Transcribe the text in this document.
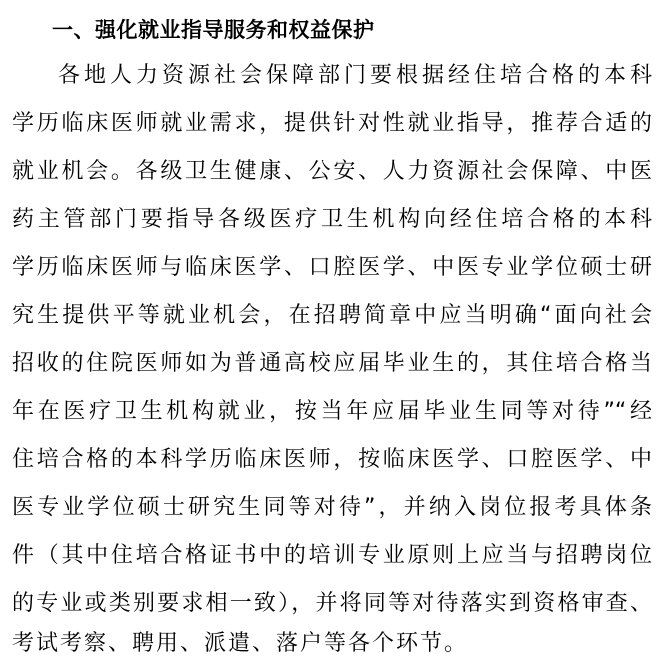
一、强化就业指导服务和权益保护
各地人力资源社会保障部门要根据经住培合格的本科
学历临床医师就业需求，提供针对性就业指导，推荐合适的
就业机会。各级卫生健康、公安、人力资源社会保障、中医
药主管部门要指导各级医疗卫生机构向经住培合格的本科
学历临床医师与临床医学、口腔医学、中医专业学位硕士研
究生提供平等就业机会，在招聘简章中应当明确“面向社会
招收的住院医师如为普通高校应届毕业生的，其住培合格当
年在医疗卫生机构就业，按当年应届毕业生同等对待”“经
住培合格的本科学历临床医师，按临床医学、口腔医学、中
医专业学位硕士研究生同等对待”，并纳入岗位报考具体条
件（其中住培合格证书中的培训专业原则上应当与招聘岗位
的专业或类别要求相一致），并将同等对待落实到资格审查、
考试考察、聘用、派遣、落户等各个环节。
